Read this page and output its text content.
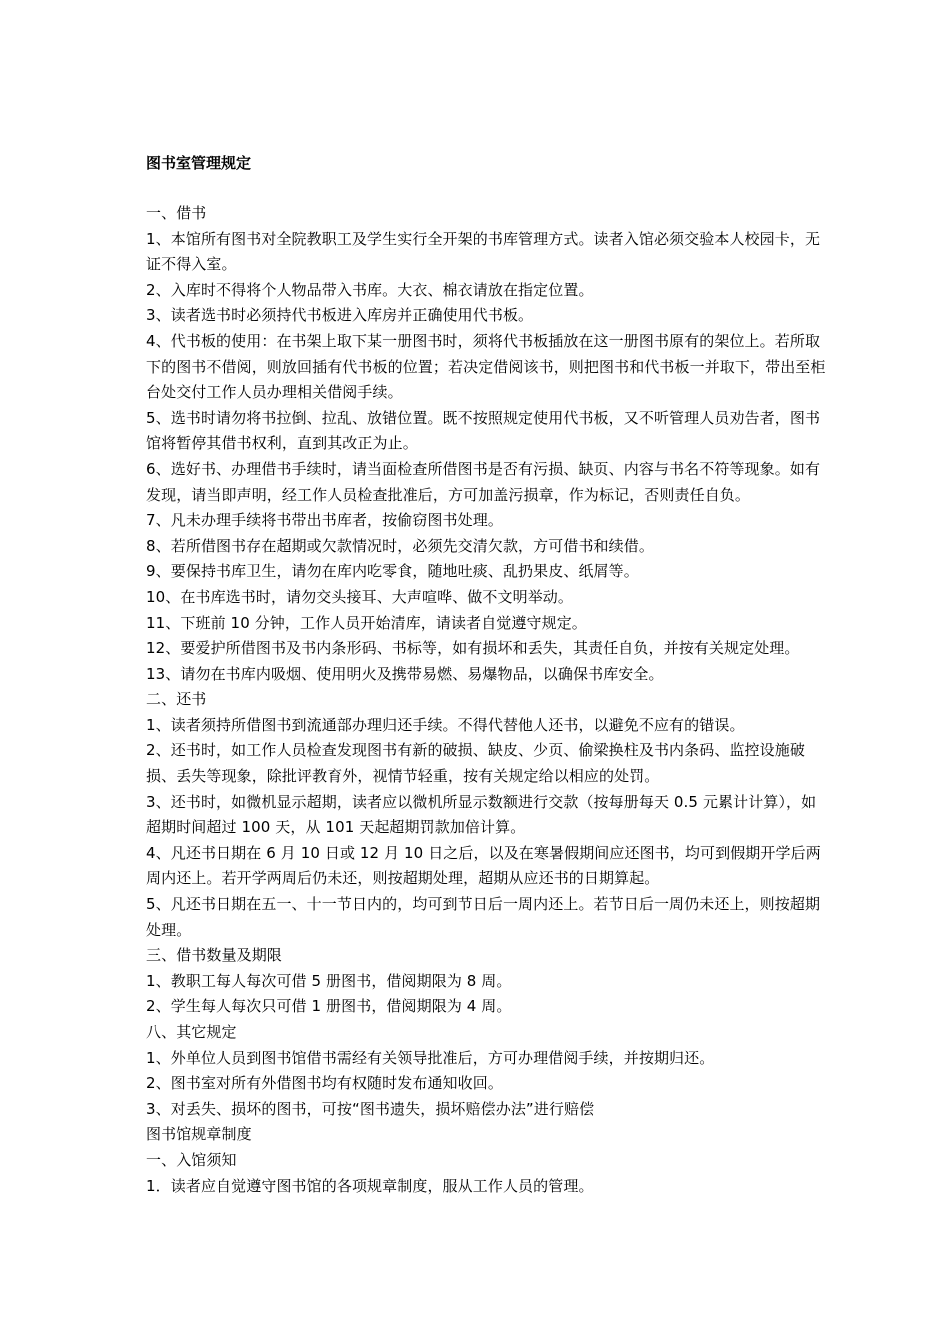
图书室管理规定

一、借书

1、本馆所有图书对全院教职工及学生实行全开架的书库管理方式。读者入馆必须交验本人校园卡，无证不得入室。

2、入库时不得将个人物品带入书库。大衣、棉衣请放在指定位置。

3、读者选书时必须持代书板进入库房并正确使用代书板。

4、代书板的使用：在书架上取下某一册图书时，须将代书板插放在这一册图书原有的架位上。若所取下的图书不借阅，则放回插有代书板的位置；若决定借阅该书，则把图书和代书板一并取下，带出至柜台处交付工作人员办理相关借阅手续。

5、选书时请勿将书拉倒、拉乱、放错位置。既不按照规定使用代书板，又不听管理人员劝告者，图书馆将暂停其借书权利，直到其改正为止。

6、选好书、办理借书手续时，请当面检查所借图书是否有污损、缺页、内容与书名不符等现象。如有发现，请当即声明，经工作人员检查批准后，方可加盖污损章，作为标记，否则责任自负。

7、凡未办理手续将书带出书库者，按偷窃图书处理。

8、若所借图书存在超期或欠款情况时，必须先交清欠款，方可借书和续借。

9、要保持书库卫生，请勿在库内吃零食，随地吐痰、乱扔果皮、纸屑等。

10、在书库选书时，请勿交头接耳、大声喧哗、做不文明举动。

11、下班前 10 分钟，工作人员开始清库，请读者自觉遵守规定。

12、要爱护所借图书及书内条形码、书标等，如有损坏和丢失，其责任自负，并按有关规定处理。

13、请勿在书库内吸烟、使用明火及携带易燃、易爆物品，以确保书库安全。

二、还书

1、读者须持所借图书到流通部办理归还手续。不得代替他人还书，以避免不应有的错误。

2、还书时，如工作人员检查发现图书有新的破损、缺皮、少页、偷梁换柱及书内条码、监控设施破损、丢失等现象，除批评教育外，视情节轻重，按有关规定给以相应的处罚。

3、还书时，如微机显示超期，读者应以微机所显示数额进行交款（按每册每天 0.5 元累计计算），如超期时间超过 100 天，从 101 天起超期罚款加倍计算。

4、凡还书日期在 6 月 10 日或 12 月 10 日之后，以及在寒暑假期间应还图书，均可到假期开学后两周内还上。若开学两周后仍未还，则按超期处理，超期从应还书的日期算起。

5、凡还书日期在五一、十一节日内的，均可到节日后一周内还上。若节日后一周仍未还上，则按超期处理。

三、借书数量及期限

1、教职工每人每次可借 5 册图书，借阅期限为 8 周。

2、学生每人每次只可借 1 册图书，借阅期限为 4 周。

八、其它规定

1、外单位人员到图书馆借书需经有关领导批准后，方可办理借阅手续，并按期归还。

2、图书室对所有外借图书均有权随时发布通知收回。

3、对丢失、损坏的图书，可按“图书遗失，损坏赔偿办法”进行赔偿

图书馆规章制度

一、入馆须知

1．读者应自觉遵守图书馆的各项规章制度，服从工作人员的管理。
